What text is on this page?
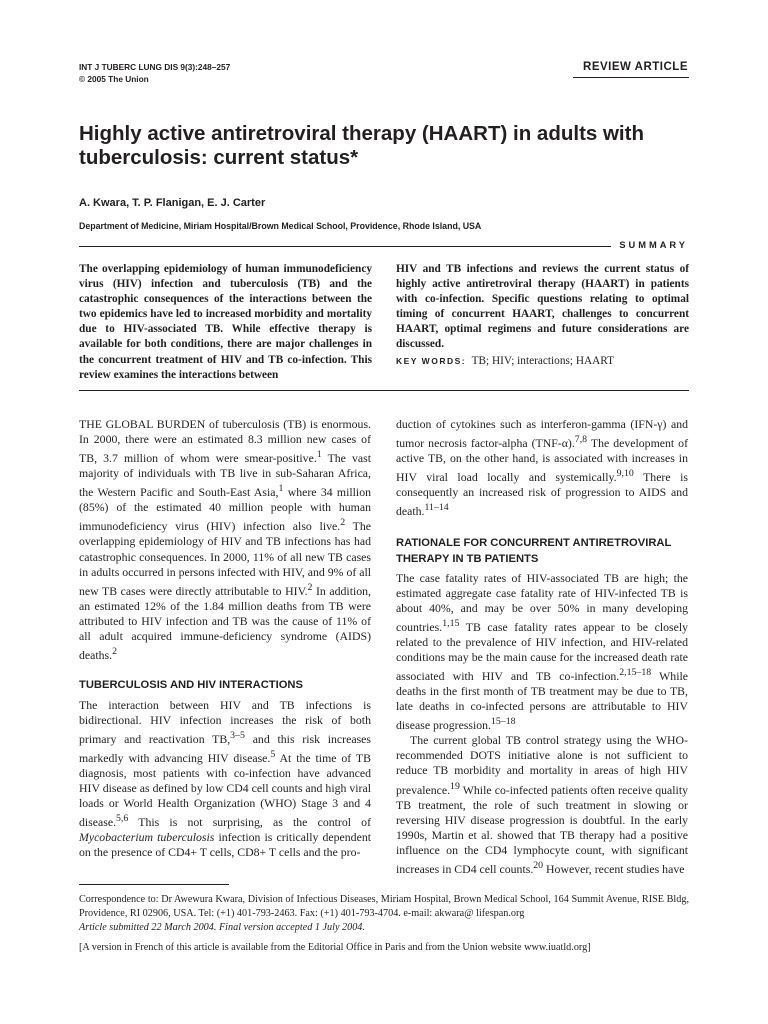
INT J TUBERC LUNG DIS 9(3):248–257
© 2005 The Union
REVIEW ARTICLE
Highly active antiretroviral therapy (HAART) in adults with tuberculosis: current status*
A. Kwara, T. P. Flanigan, E. J. Carter
Department of Medicine, Miriam Hospital/Brown Medical School, Providence, Rhode Island, USA
SUMMARY

The overlapping epidemiology of human immunodeficiency virus (HIV) infection and tuberculosis (TB) and the catastrophic consequences of the interactions between the two epidemics have led to increased morbidity and mortality due to HIV-associated TB. While effective therapy is available for both conditions, there are major challenges in the concurrent treatment of HIV and TB co-infection. This review examines the interactions between

HIV and TB infections and reviews the current status of highly active antiretroviral therapy (HAART) in patients with co-infection. Specific questions relating to optimal timing of concurrent HAART, challenges to concurrent HAART, optimal regimens and future considerations are discussed.

KEY WORDS: TB; HIV; interactions; HAART

THE GLOBAL BURDEN of tuberculosis (TB) is enormous. In 2000, there were an estimated 8.3 million new cases of TB, 3.7 million of whom were smear-positive.$^1$ The vast majority of individuals with TB live in sub-Saharan Africa, the Western Pacific and South-East Asia,$^1$ where 34 million (85%) of the estimated 40 million people with human immunodeficiency virus (HIV) infection also live.$^2$ The overlapping epidemiology of HIV and TB infections has had catastrophic consequences. In 2000, 11% of all new TB cases in adults occurred in persons infected with HIV, and 9% of all new TB cases were directly attributable to HIV.$^2$ In addition, an estimated 12% of the 1.84 million deaths from TB were attributed to HIV infection and TB was the cause of 11% of all adult acquired immune-deficiency syndrome (AIDS) deaths.$^2$

TUBERCULOSIS AND HIV INTERACTIONS

The interaction between HIV and TB infections is bidirectional. HIV infection increases the risk of both primary and reactivation TB,$^{3-5}$ and this risk increases markedly with advancing HIV disease.$^5$ At the time of TB diagnosis, most patients with co-infection have advanced HIV disease as defined by low CD4 cell counts and high viral loads or World Health Organization (WHO) Stage 3 and 4 disease.$^{5,6}$ This is not surprising, as the control of Mycobacterium tuberculosis infection is critically dependent on the presence of CD4+ T cells, CD8+ T cells and the pro-

duction of cytokines such as interferon-gamma (IFN-γ) and tumor necrosis factor-alpha (TNF-α).$^{7,8}$ The development of active TB, on the other hand, is associated with increases in HIV viral load locally and systemically.$^{9,10}$ There is consequently an increased risk of progression to AIDS and death.$^{11-14}$

RATIONALE FOR CONCURRENT ANTIRETROVIRAL THERAPY IN TB PATIENTS

The case fatality rates of HIV-associated TB are high; the estimated aggregate case fatality rate of HIV-infected TB is about 40%, and may be over 50% in many developing countries.$^{1,15}$ TB case fatality rates appear to be closely related to the prevalence of HIV infection, and HIV-related conditions may be the main cause for the increased death rate associated with HIV and TB co-infection.$^{2,15-18}$ While deaths in the first month of TB treatment may be due to TB, late deaths in co-infected persons are attributable to HIV disease progression.$^{15-18}$

The current global TB control strategy using the WHO-recommended DOTS initiative alone is not sufficient to reduce TB morbidity and mortality in areas of high HIV prevalence.$^{19}$ While co-infected patients often receive quality TB treatment, the role of such treatment in slowing or reversing HIV disease progression is doubtful. In the early 1990s, Martin et al. showed that TB therapy had a positive influence on the CD4 lymphocyte count, with significant increases in CD4 cell counts.$^{20}$ However, recent studies have

Correspondence to: Dr Awewura Kwara, Division of Infectious Diseases, Miriam Hospital, Brown Medical School, 164 Summit Avenue, RISE Bldg, Providence, RI 02906, USA. Tel: (+1) 401-793-2463. Fax: (+1) 401-793-4704. e-mail: akwara@ lifespan.org

Article submitted 22 March 2004. Final version accepted 1 July 2004.

[A version in French of this article is available from the Editorial Office in Paris and from the Union website www.iuatld.org]
